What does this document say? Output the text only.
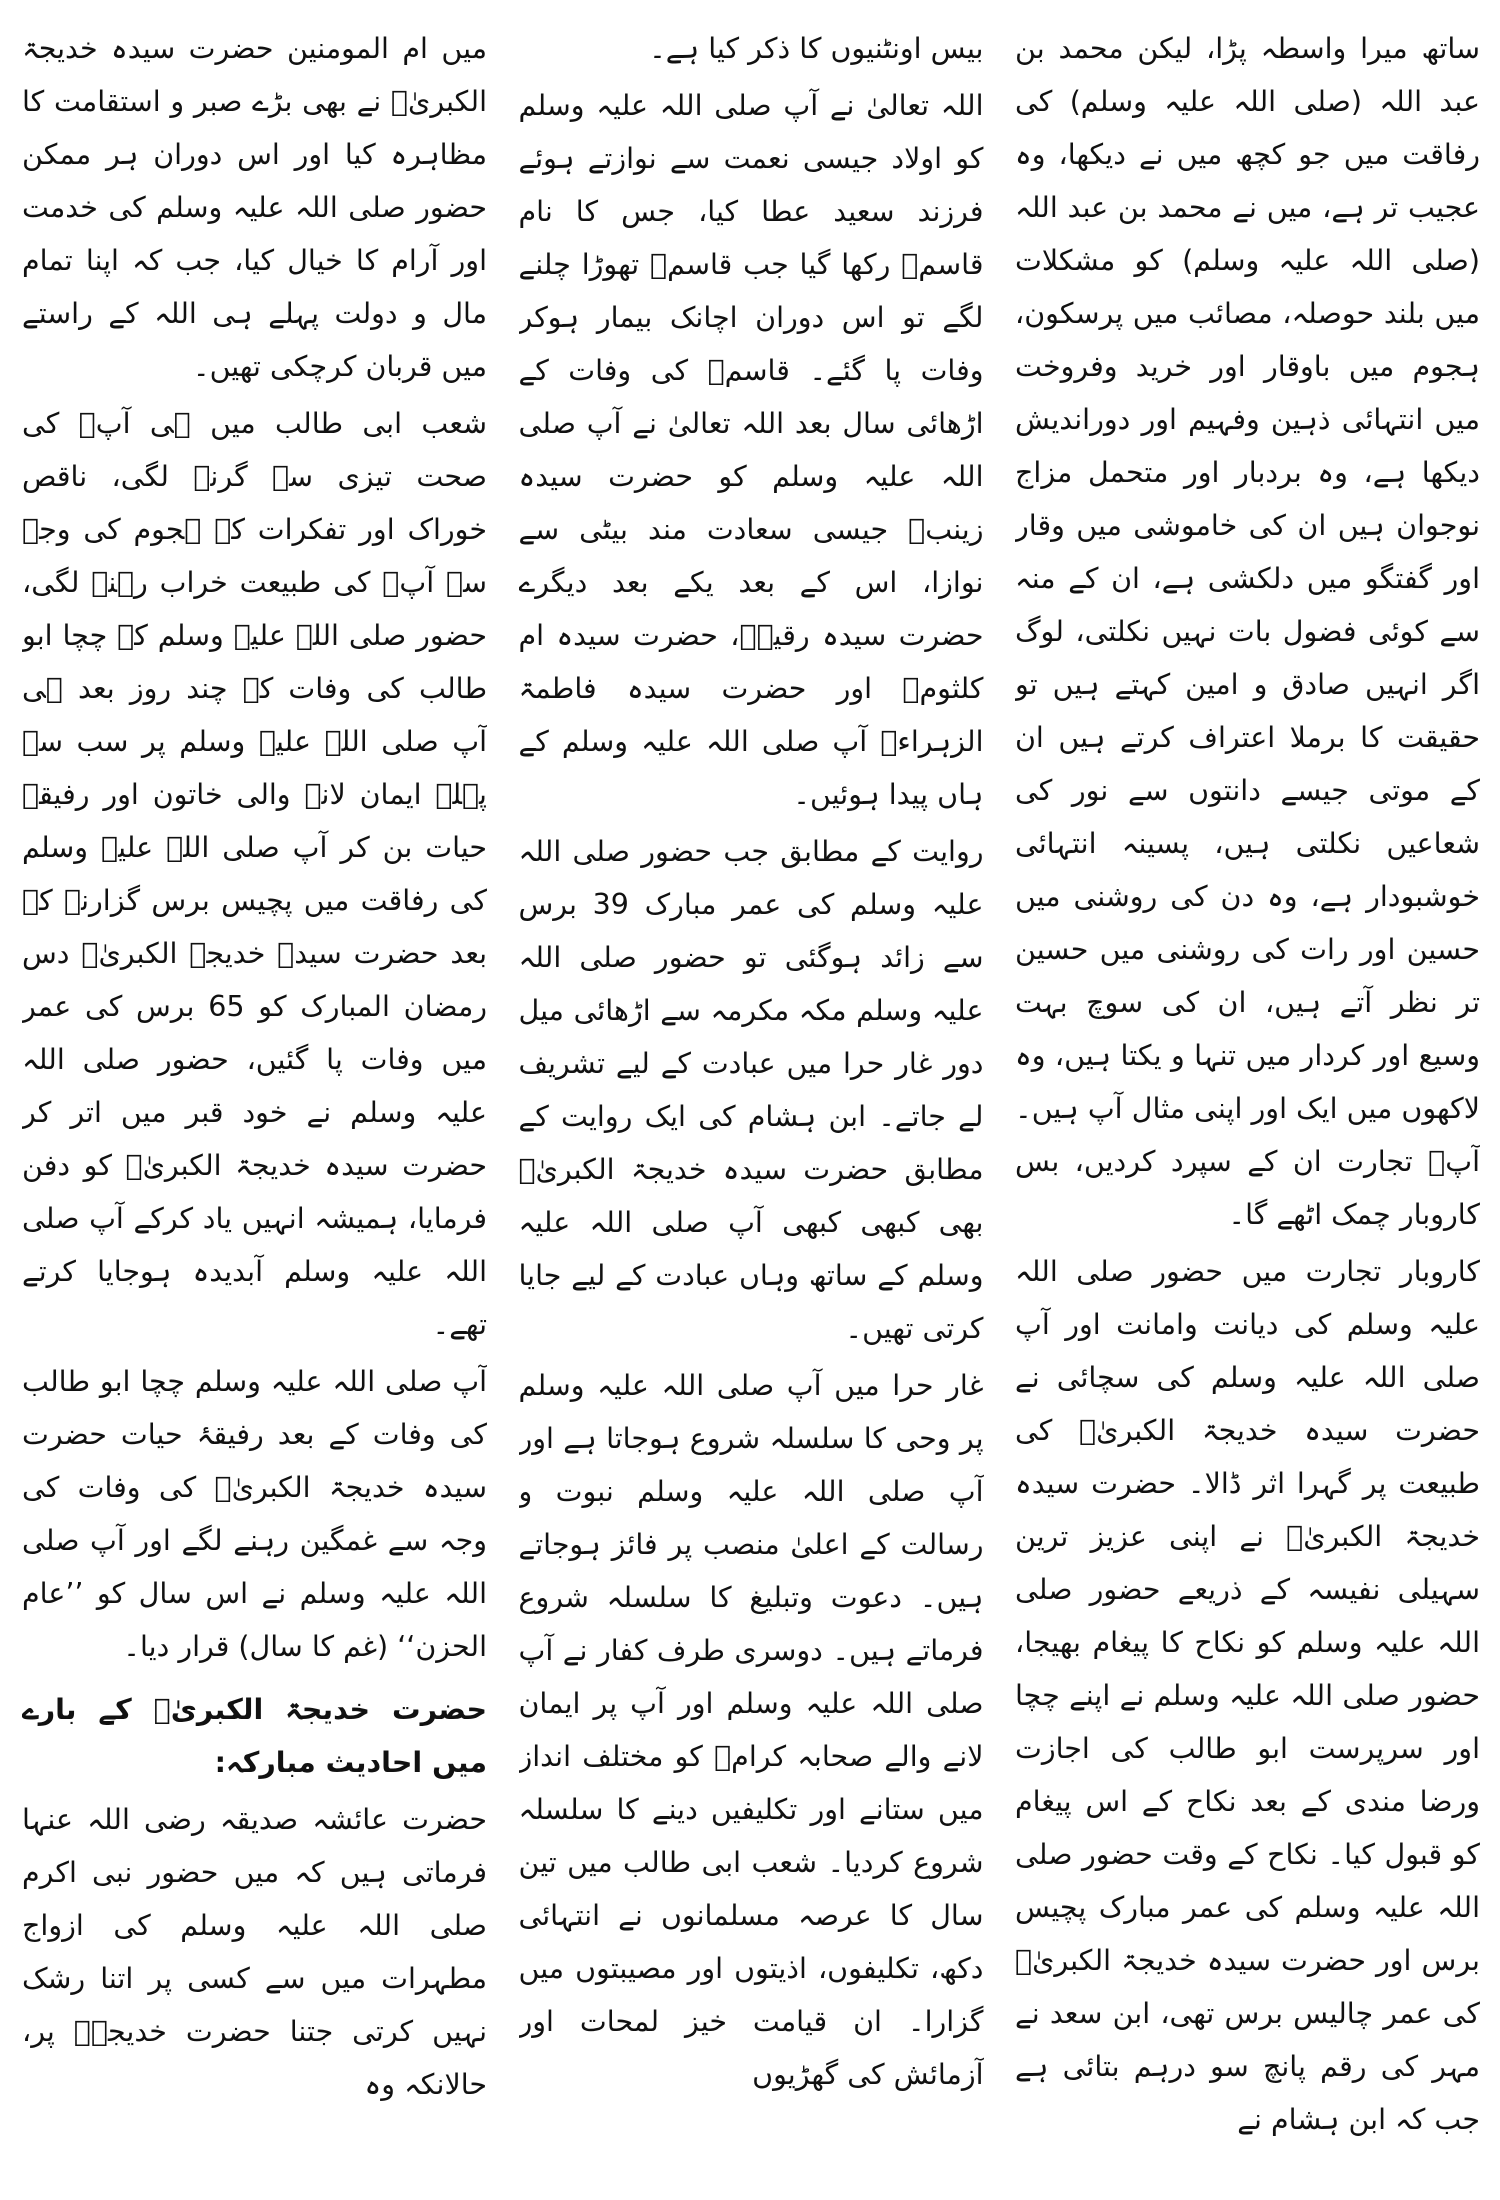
ساتھ میرا واسطہ پڑا، لیکن محمد بن عبد اللہ (صلی اللہ علیہ وسلم) کی رفاقت میں جو کچھ میں نے دیکھا، وہ عجیب تر ہے، میں نے محمد بن عبد اللہ (صلی اللہ علیہ وسلم) کو مشکلات میں بلند حوصلہ، مصائب میں پرسکون، ہجوم میں باوقار اور خرید وفروخت میں انتہائی ذہین وفہیم اور دوراندیش دیکھا ہے، وہ بردبار اور متحمل مزاج نوجوان ہیں ان کی خاموشی میں وقار اور گفتگو میں دلکشی ہے، ان کے منہ سے کوئی فضول بات نہیں نکلتی، لوگ اگر انہیں صادق و امین کہتے ہیں تو حقیقت کا برملا اعتراف کرتے ہیں ان کے موتی جیسے دانتوں سے نور کی شعاعیں نکلتی ہیں، پسینہ انتہائی خوشبودار ہے، وہ دن کی روشنی میں حسین اور رات کی روشنی میں حسین تر نظر آتے ہیں، ان کی سوچ بہت وسیع اور کردار میں تنہا و یکتا ہیں، وہ لاکھوں میں ایک اور اپنی مثال آپ ہیں۔ آپؓ تجارت ان کے سپرد کردیں، بس کاروبار چمک اٹھے گا۔

کاروبار تجارت میں حضور صلی اللہ علیہ وسلم کی دیانت وامانت اور آپ صلی اللہ علیہ وسلم کی سچائی نے حضرت سیدہ خدیجۃ الکبریٰؓ کی طبیعت پر گہرا اثر ڈالا۔ حضرت سیدہ خدیجۃ الکبریٰؓ نے اپنی عزیز ترین سہیلی نفیسہ کے ذریعے حضور صلی اللہ علیہ وسلم کو نکاح کا پیغام بھیجا، حضور صلی اللہ علیہ وسلم نے اپنے چچا اور سرپرست ابو طالب کی اجازت ورضا مندی کے بعد نکاح کے اس پیغام کو قبول کیا۔ نکاح کے وقت حضور صلی اللہ علیہ وسلم کی عمر مبارک پچیس برس اور حضرت سیدہ خدیجۃ الکبریٰؓ کی عمر چالیس برس تھی، ابن سعد نے مہر کی رقم پانچ سو درہم بتائی ہے جب کہ ابن ہشام نے

بیس اونٹنیوں کا ذکر کیا ہے۔

اللہ تعالیٰ نے آپ صلی اللہ علیہ وسلم کو اولاد جیسی نعمت سے نوازتے ہوئے فرزند سعید عطا کیا، جس کا نام قاسمؓ رکھا گیا جب قاسمؓ تھوڑا چلنے لگے تو اس دوران اچانک بیمار ہوکر وفات پا گئے۔ قاسمؓ کی وفات کے اڑھائی سال بعد اللہ تعالیٰ نے آپ صلی اللہ علیہ وسلم کو حضرت سیدہ زینبؓ جیسی سعادت مند بیٹی سے نوازا، اس کے بعد یکے بعد دیگرے حضرت سیدہ رقیہؓ، حضرت سیدہ ام کلثومؓ اور حضرت سیدہ فاطمۃ الزہراءؓ آپ صلی اللہ علیہ وسلم کے ہاں پیدا ہوئیں۔

روایت کے مطابق جب حضور صلی اللہ علیہ وسلم کی عمر مبارک 39 برس سے زائد ہوگئی تو حضور صلی اللہ علیہ وسلم مکہ مکرمہ سے اڑھائی میل دور غار حرا میں عبادت کے لیے تشریف لے جاتے۔ ابن ہشام کی ایک روایت کے مطابق حضرت سیدہ خدیجۃ الکبریٰؓ بھی کبھی کبھی آپ صلی اللہ علیہ وسلم کے ساتھ وہاں عبادت کے لیے جایا کرتی تھیں۔

غار حرا میں آپ صلی اللہ علیہ وسلم پر وحی کا سلسلہ شروع ہوجاتا ہے اور آپ صلی اللہ علیہ وسلم نبوت و رسالت کے اعلیٰ منصب پر فائز ہوجاتے ہیں۔ دعوت وتبلیغ کا سلسلہ شروع فرماتے ہیں۔ دوسری طرف کفار نے آپ صلی اللہ علیہ وسلم اور آپ پر ایمان لانے والے صحابہ کرامؓ کو مختلف انداز میں ستانے اور تکلیفیں دینے کا سلسلہ شروع کردیا۔ شعب ابی طالب میں تین سال کا عرصہ مسلمانوں نے انتہائی دکھ، تکلیفوں، اذیتوں اور مصیبتوں میں گزارا۔ ان قیامت خیز لمحات اور آزمائش کی گھڑیوں

میں ام المومنین حضرت سیدہ خدیجۃ الکبریٰؓ نے بھی بڑے صبر و استقامت کا مظاہرہ کیا اور اس دوران ہر ممکن حضور صلی اللہ علیہ وسلم کی خدمت اور آرام کا خیال کیا، جب کہ اپنا تمام مال و دولت پہلے ہی اللہ کے راستے میں قربان کرچکی تھیں۔

شعب ابی طالب میں ہی آپؓ کی صحت تیزی سے گرنے لگی، ناقص خوراک اور تفکرات کے ہجوم کی وجہ سے آپؓ کی طبیعت خراب رہنے لگی، حضور صلی اللہ علیہ وسلم کے چچا ابو طالب کی وفات کے چند روز بعد ہی آپ صلی اللہ علیہ وسلم پر سب سے پہلے ایمان لانے والی خاتون اور رفیقۂ حیات بن کر آپ صلی اللہ علیہ وسلم کی رفاقت میں پچیس برس گزارنے کے بعد حضرت سیدہ خدیجۃ الکبریٰؓ دس رمضان المبارک کو 65 برس کی عمر میں وفات پا گئیں، حضور صلی اللہ علیہ وسلم نے خود قبر میں اتر کر حضرت سیدہ خدیجۃ الکبریٰؓ کو دفن فرمایا، ہمیشہ انہیں یاد کرکے آپ صلی اللہ علیہ وسلم آبدیدہ ہوجایا کرتے تھے۔

آپ صلی اللہ علیہ وسلم چچا ابو طالب کی وفات کے بعد رفیقۂ حیات حضرت سیدہ خدیجۃ الکبریٰؓ کی وفات کی وجہ سے غمگین رہنے لگے اور آپ صلی اللہ علیہ وسلم نے اس سال کو ’’عام الحزن‘‘ (غم کا سال) قرار دیا۔

حضرت خدیجۃ الکبریٰؓ کے بارے میں احادیث مبارکہ:

حضرت عائشہ صدیقہ رضی اللہ عنہا فرماتی ہیں کہ میں حضور نبی اکرم صلی اللہ علیہ وسلم کی ازواج مطہرات میں سے کسی پر اتنا رشک نہیں کرتی جتنا حضرت خدیجہؓ پر، حالانکہ وہ
